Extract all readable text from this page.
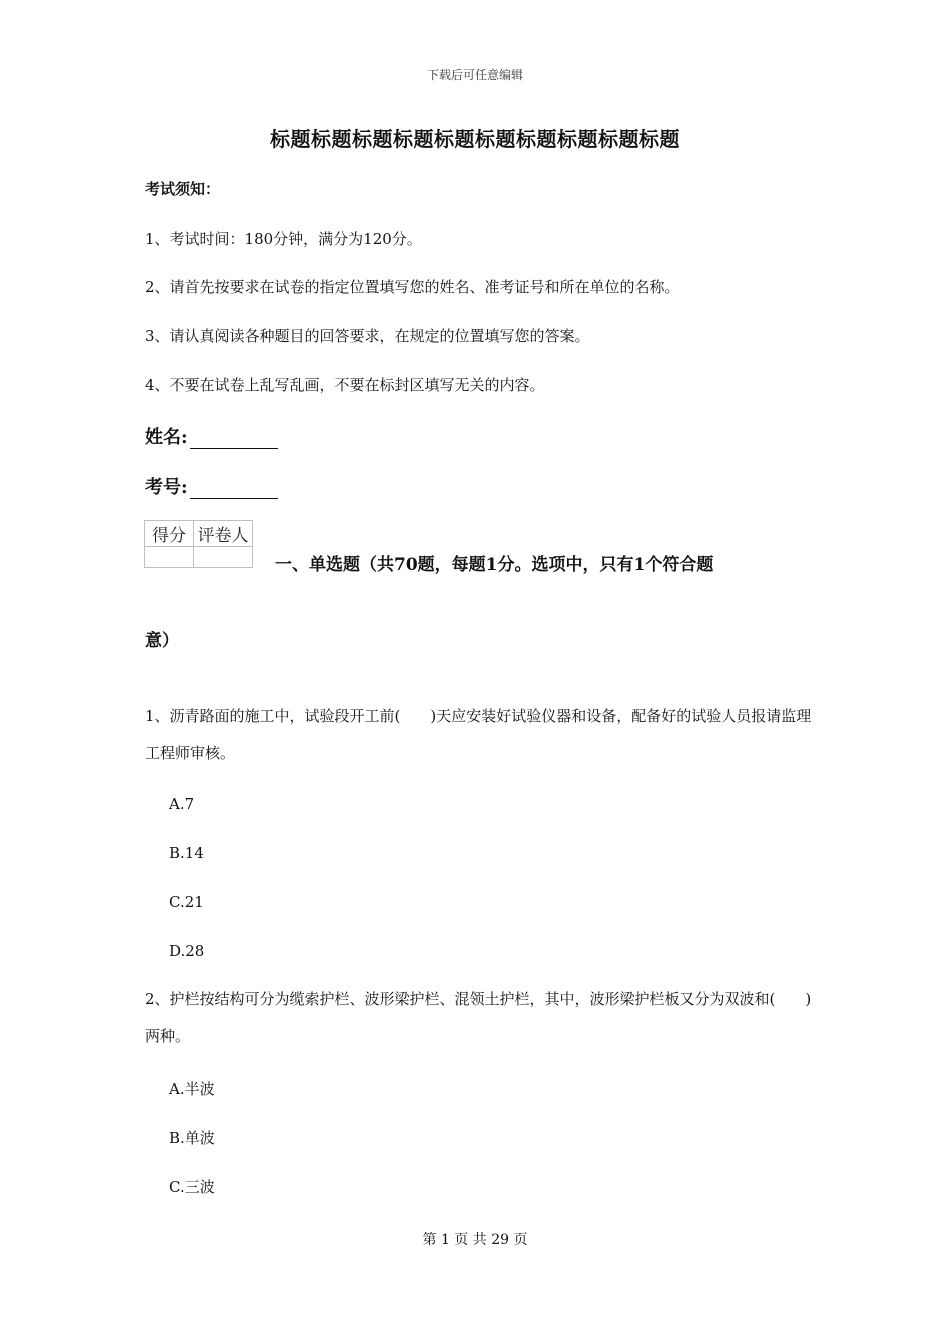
下载后可任意编辑
标题标题标题标题标题标题标题标题标题标题
考试须知：
1、考试时间：180分钟，满分为120分。
2、请首先按要求在试卷的指定位置填写您的姓名、准考证号和所在单位的名称。
3、请认真阅读各种题目的回答要求，在规定的位置填写您的答案。
4、不要在试卷上乱写乱画，不要在标封区填写无关的内容。
姓名:
考号:
得分	评卷人

一、单选题（共70题，每题1分。选项中，只有1个符合题
意）
1、沥青路面的施工中，试验段开工前(　　)天应安装好试验仪器和设备，配备好的试验人员报请监理工程师审核。
A.7
B.14
C.21
D.28
2、护栏按结构可分为缆索护栏、波形梁护栏、混领土护栏，其中，波形梁护栏板又分为双波和(　　)两种。
A.半波
B.单波
C.三波
第 1 页 共 29 页
